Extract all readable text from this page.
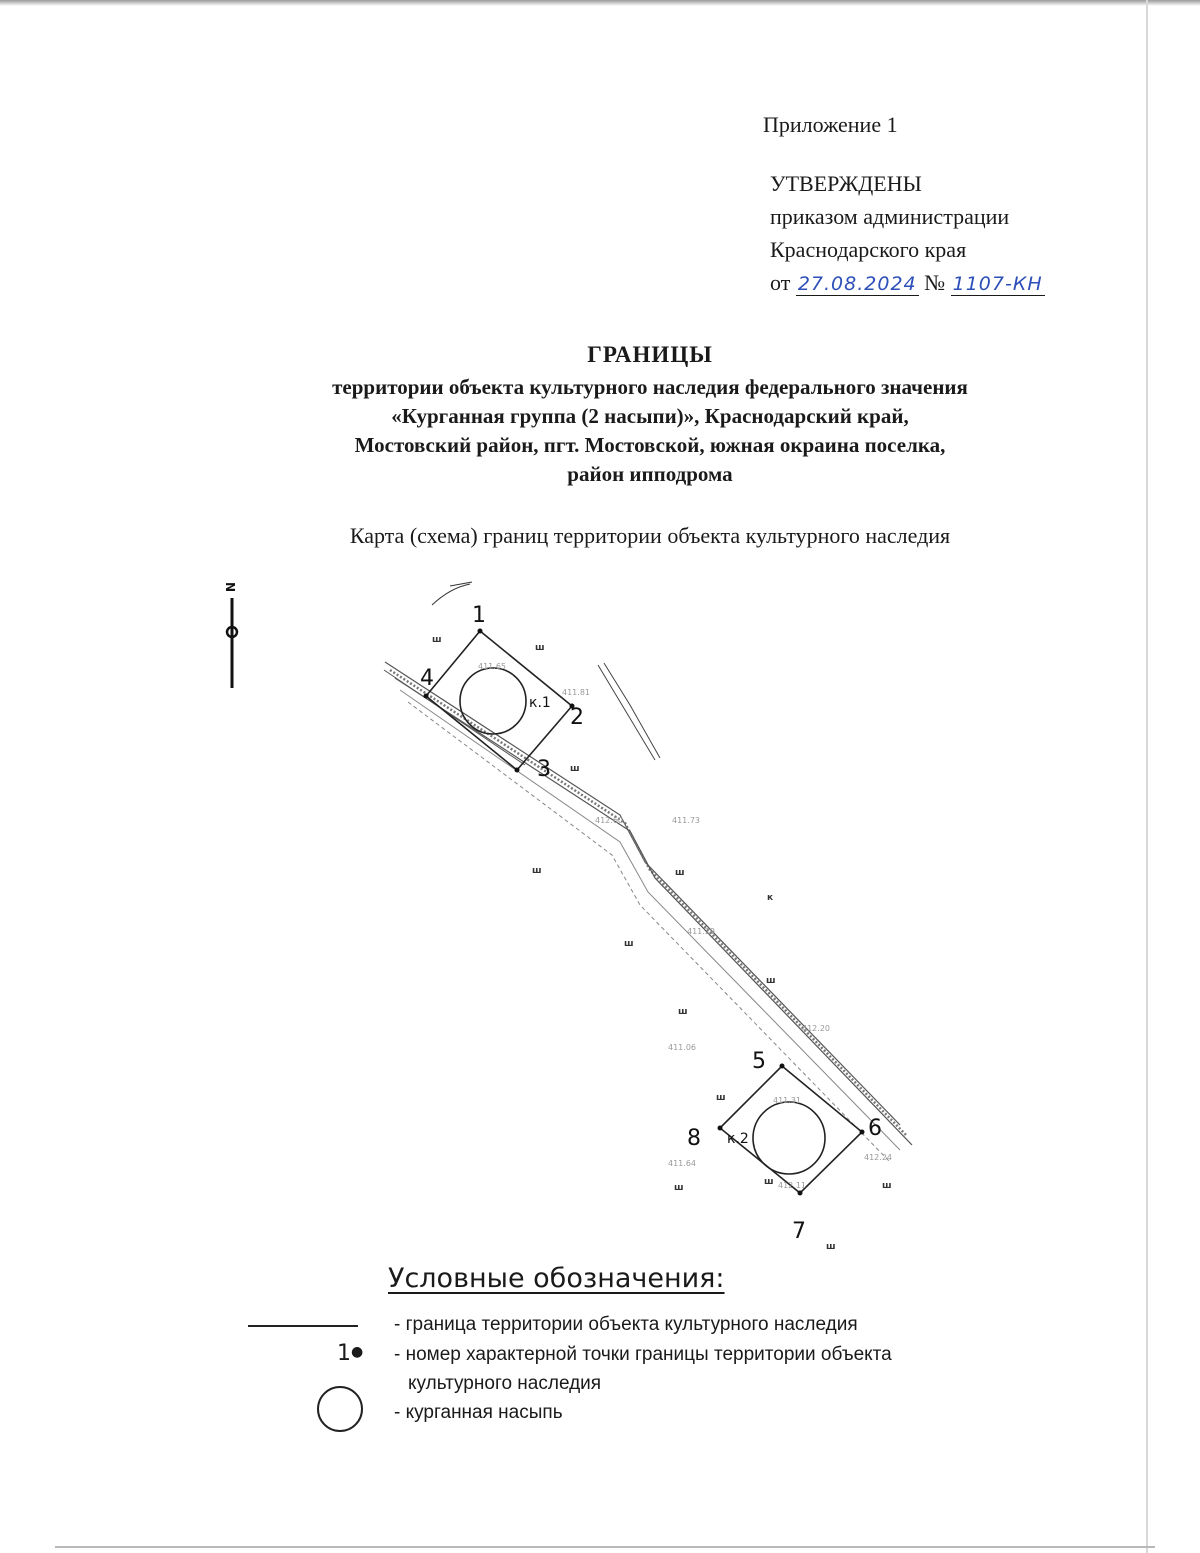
Приложение 1
УТВЕРЖДЕНЫ
приказом администрации
Краснодарского края
от 27.08.2024 № 1107-КН
ГРАНИЦЫ
территории объекта культурного наследия федерального значения
«Курганная группа (2 насыпи)», Краснодарский край,
Мостовский район, пгт. Мостовской, южная окраина поселка,
район ипподрома
Карта (схема) границ территории объекта культурного наследия
N
к.1
к.2
1
2
3
4
5
6
7
8
411.65
411.81
412.60	411.73
411.29
412.20
411.06
411.31
411.64
412.11
412.24
ш
ш
ш
ш	ш
к
ш
ш
ш
ш
ш	ш
ш
ш
Условные обозначения:
- граница территории объекта культурного наследия
1● - номер характерной точки границы территории объекта
культурного наследия
- курганная насыпь
